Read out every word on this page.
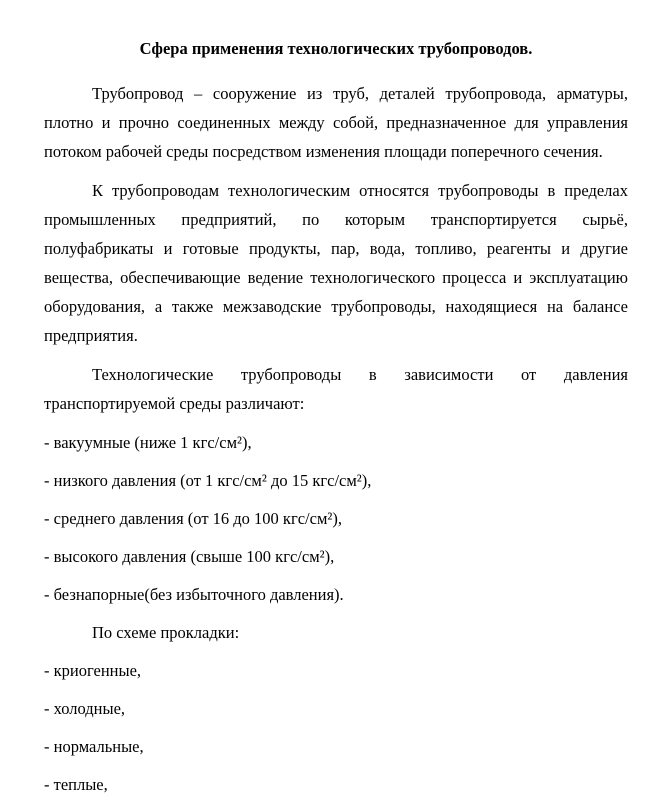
Сфера применения технологических трубопроводов.

Трубопровод – сооружение из труб, деталей трубопровода, арматуры, плотно и прочно соединенных между собой, предназначенное для управления потоком рабочей среды посредством изменения площади поперечного сечения.

К трубопроводам технологическим относятся трубопроводы в пределах промышленных предприятий, по которым транспортируется сырьё, полуфабрикаты и готовые продукты, пар, вода, топливо, реагенты и другие вещества, обеспечивающие ведение технологического процесса и эксплуатацию оборудования, а также межзаводские трубопроводы, находящиеся на балансе предприятия.

Технологические трубопроводы в зависимости от давления транспортируемой среды различают:

- вакуумные (ниже 1 кгс/см²),

- низкого давления (от 1 кгс/см² до 15 кгс/см²),

- среднего давления (от 16 до 100 кгс/см²),

- высокого давления (свыше 100 кгс/см²),

- безнапорные(без избыточного давления).

По схеме прокладки:

- криогенные,

- холодные,

- нормальные,

- теплые,
